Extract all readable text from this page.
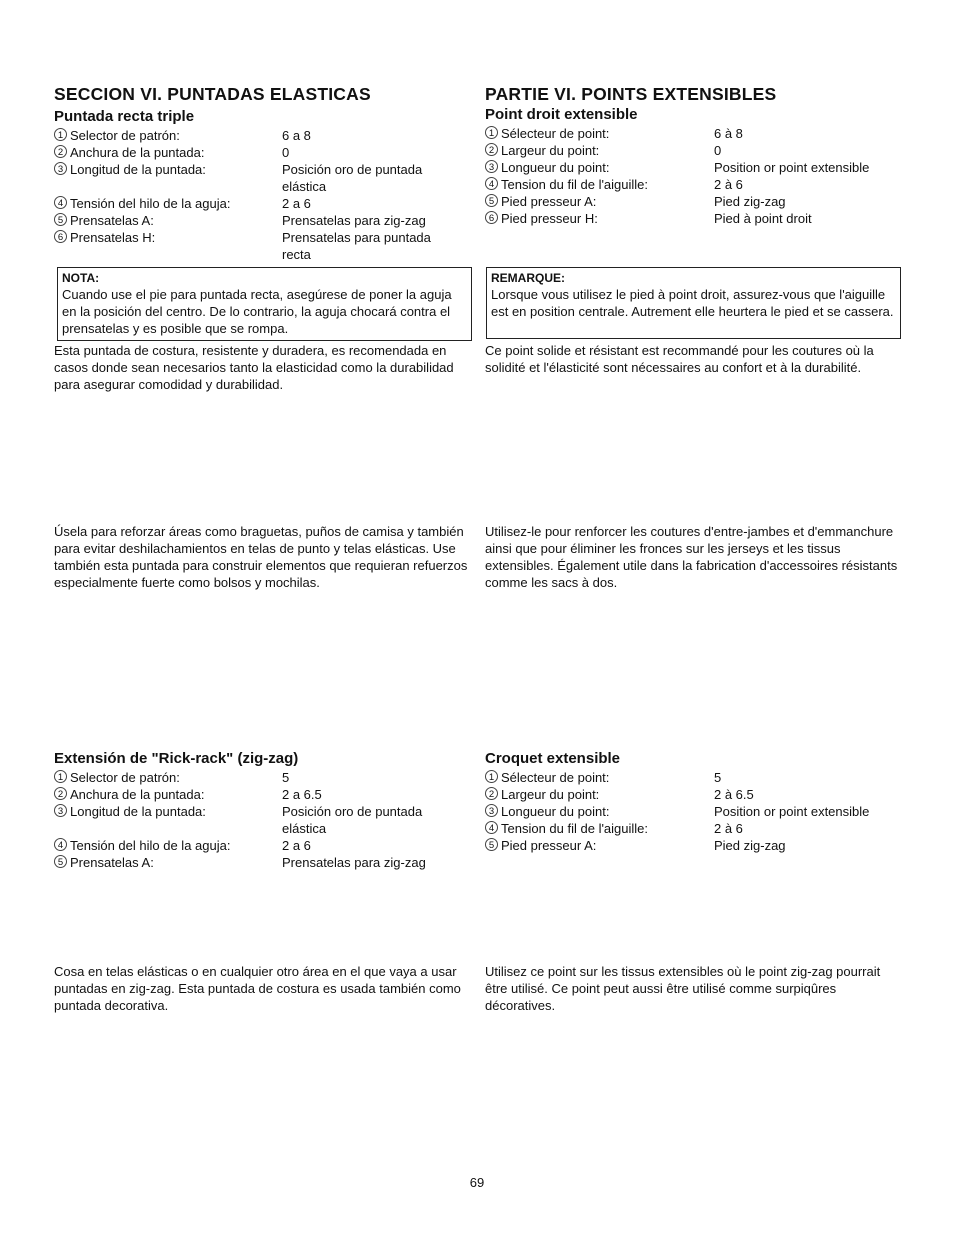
SECCION VI. PUNTADAS ELASTICAS
Puntada recta triple
1 Selector de patrón:	6 a 8
2 Anchura de la puntada:	0
3 Longitud de la puntada:	Posición oro de puntada elástica
4 Tensión del hilo de la aguja:	2 a 6
5 Prensatelas A:	Prensatelas para zig-zag
6 Prensatelas H:	Prensatelas para puntada recta
NOTA:
Cuando use el pie para puntada recta, asegúrese de poner la aguja en la posición del centro. De lo contrario, la aguja chocará contra el prensatelas y es posible que se rompa.

Esta puntada de costura, resistente y duradera, es recomendada en casos donde sean necesarios tanto la elasticidad como la durabilidad para asegurar comodidad y durabilidad.

Úsela para reforzar áreas como braguetas, puños de camisa y también para evitar deshilachamientos en telas de punto y telas elásticas. Use también esta puntada para construir elementos que requieran refuerzos especialmente fuerte como bolsos y mochilas.

Extensión de "Rick-rack" (zig-zag)
1 Selector de patrón:	5
2 Anchura de la puntada:	2 a 6.5
3 Longitud de la puntada:	Posición oro de puntada elástica
4 Tensión del hilo de la aguja:	2 a 6
5 Prensatelas A:	Prensatelas para zig-zag

Cosa en telas elásticas o en cualquier otro área en el que vaya a usar puntadas en zig-zag. Esta puntada de costura es usada también como puntada decorativa.

PARTIE VI. POINTS EXTENSIBLES
Point droit extensible
1 Sélecteur de point:	6 à 8
2 Largeur du point:	0
3 Longueur du point:	Position or point extensible
4 Tension du fil de l'aiguille:	2 à 6
5 Pied presseur A:	Pied zig-zag
6 Pied presseur H:	Pied à point droit
REMARQUE:
Lorsque vous utilisez le pied à point droit, assurez-vous que l'aiguille est en position centrale. Autrement elle heurtera le pied et se cassera.

Ce point solide et résistant est recommandé pour les coutures où la solidité et l'élasticité sont nécessaires au confort et à la durabilité.

Utilisez-le pour renforcer les coutures d'entre-jambes et d'emmanchure ainsi que pour éliminer les fronces sur les jerseys et les tissus extensibles. Également utile dans la fabrication d'accessoires résistants comme les sacs à dos.

Croquet extensible
1 Sélecteur de point:	5
2 Largeur du point:	2 à 6.5
3 Longueur du point:	Position or point extensible
4 Tension du fil de l'aiguille:	2 à 6
5 Pied presseur A:	Pied zig-zag

Utilisez ce point sur les tissus extensibles où le point zig-zag pourrait être utilisé. Ce point peut aussi être utilisé comme surpiqûres décoratives.

69
